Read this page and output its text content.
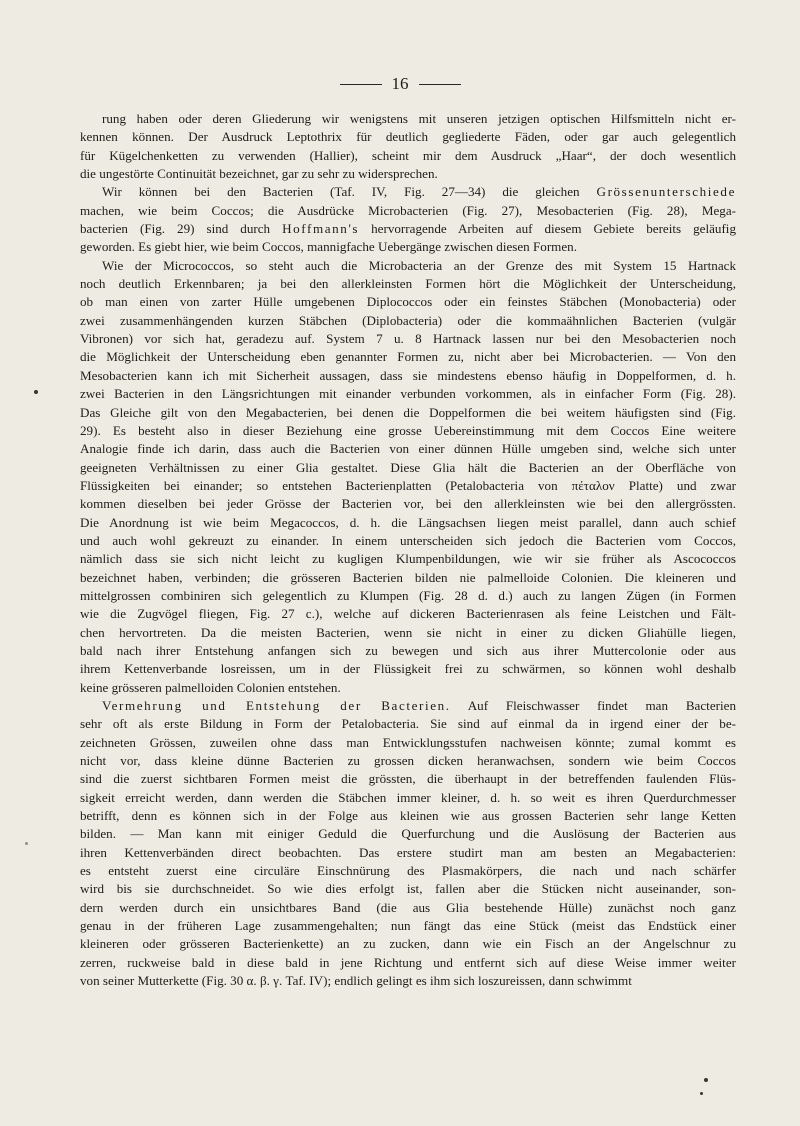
16
rung haben oder deren Gliederung wir wenigstens mit unseren jetzigen optischen Hilfsmitteln nicht er-
kennen können. Der Ausdruck Leptothrix für deutlich gegliederte Fäden, oder gar auch gelegentlich
für Kügelchenketten zu verwenden (Hallier), scheint mir dem Ausdruck „Haar“, der doch wesentlich
die ungestörte Continuität bezeichnet, gar zu sehr zu widersprechen.
Wir können bei den Bacterien (Taf. IV, Fig. 27—34) die gleichen Grössenunterschiede
machen, wie beim Coccos; die Ausdrücke Microbacterien (Fig. 27), Mesobacterien (Fig. 28), Mega-
bacterien (Fig. 29) sind durch Hoffmann's hervorragende Arbeiten auf diesem Gebiete bereits geläufig
geworden. Es giebt hier, wie beim Coccos, mannigfache Uebergänge zwischen diesen Formen.
Wie der Micrococcos, so steht auch die Microbacteria an der Grenze des mit System 15 Hartnack
noch deutlich Erkennbaren; ja bei den allerkleinsten Formen hört die Möglichkeit der Unterscheidung,
ob man einen von zarter Hülle umgebenen Diplococcos oder ein feinstes Stäbchen (Monobacteria) oder
zwei zusammenhängenden kurzen Stäbchen (Diplobacteria) oder die kommaähnlichen Bacterien (vulgär
Vibronen) vor sich hat, geradezu auf. System 7 u. 8 Hartnack lassen nur bei den Mesobacterien noch
die Möglichkeit der Unterscheidung eben genannter Formen zu, nicht aber bei Microbacterien. — Von den
Mesobacterien kann ich mit Sicherheit aussagen, dass sie mindestens ebenso häufig in Doppelformen, d. h.
zwei Bacterien in den Längsrichtungen mit einander verbunden vorkommen, als in einfacher Form (Fig. 28).
Das Gleiche gilt von den Megabacterien, bei denen die Doppelformen die bei weitem häufigsten sind (Fig.
29). Es besteht also in dieser Beziehung eine grosse Uebereinstimmung mit dem Coccos Eine weitere
Analogie finde ich darin, dass auch die Bacterien von einer dünnen Hülle umgeben sind, welche sich unter
geeigneten Verhältnissen zu einer Glia gestaltet. Diese Glia hält die Bacterien an der Oberfläche von
Flüssigkeiten bei einander; so entstehen Bacterienplatten (Petalobacteria von πέταλον Platte) und zwar
kommen dieselben bei jeder Grösse der Bacterien vor, bei den allerkleinsten wie bei den allergrössten.
Die Anordnung ist wie beim Megacoccos, d. h. die Längsachsen liegen meist parallel, dann auch schief
und auch wohl gekreuzt zu einander. In einem unterscheiden sich jedoch die Bacterien vom Coccos,
nämlich dass sie sich nicht leicht zu kugligen Klumpenbildungen, wie wir sie früher als Ascococcos
bezeichnet haben, verbinden; die grösseren Bacterien bilden nie palmelloide Colonien. Die kleineren und
mittelgrossen combiniren sich gelegentlich zu Klumpen (Fig. 28 d. d.) auch zu langen Zügen (in Formen
wie die Zugvögel fliegen, Fig. 27 c.), welche auf dickeren Bacterienrasen als feine Leistchen und Fält-
chen hervortreten. Da die meisten Bacterien, wenn sie nicht in einer zu dicken Gliahülle liegen,
bald nach ihrer Entstehung anfangen sich zu bewegen und sich aus ihrer Muttercolonie oder aus
ihrem Kettenverbande losreissen, um in der Flüssigkeit frei zu schwärmen, so können wohl deshalb
keine grösseren palmelloiden Colonien entstehen.
Vermehrung und Entstehung der Bacterien. Auf Fleischwasser findet man Bacterien
sehr oft als erste Bildung in Form der Petalobacteria. Sie sind auf einmal da in irgend einer der be-
zeichneten Grössen, zuweilen ohne dass man Entwicklungsstufen nachweisen könnte; zumal kommt es
nicht vor, dass kleine dünne Bacterien zu grossen dicken heranwachsen, sondern wie beim Coccos
sind die zuerst sichtbaren Formen meist die grössten, die überhaupt in der betreffenden faulenden Flüs-
sigkeit erreicht werden, dann werden die Stäbchen immer kleiner, d. h. so weit es ihren Querdurchmesser
betrifft, denn es können sich in der Folge aus kleinen wie aus grossen Bacterien sehr lange Ketten
bilden. — Man kann mit einiger Geduld die Querfurchung und die Auslösung der Bacterien aus
ihren Kettenverbänden direct beobachten. Das erstere studirt man am besten an Megabacterien:
es entsteht zuerst eine circuläre Einschnürung des Plasmakörpers, die nach und nach schärfer
wird bis sie durchschneidet. So wie dies erfolgt ist, fallen aber die Stücken nicht auseinander, son-
dern werden durch ein unsichtbares Band (die aus Glia bestehende Hülle) zunächst noch ganz
genau in der früheren Lage zusammengehalten; nun fängt das eine Stück (meist das Endstück einer
kleineren oder grösseren Bacterienkette) an zu zucken, dann wie ein Fisch an der Angelschnur zu
zerren, ruckweise bald in diese bald in jene Richtung und entfernt sich auf diese Weise immer weiter
von seiner Mutterkette (Fig. 30 α. β. γ. Taf. IV); endlich gelingt es ihm sich loszureissen, dann schwimmt
